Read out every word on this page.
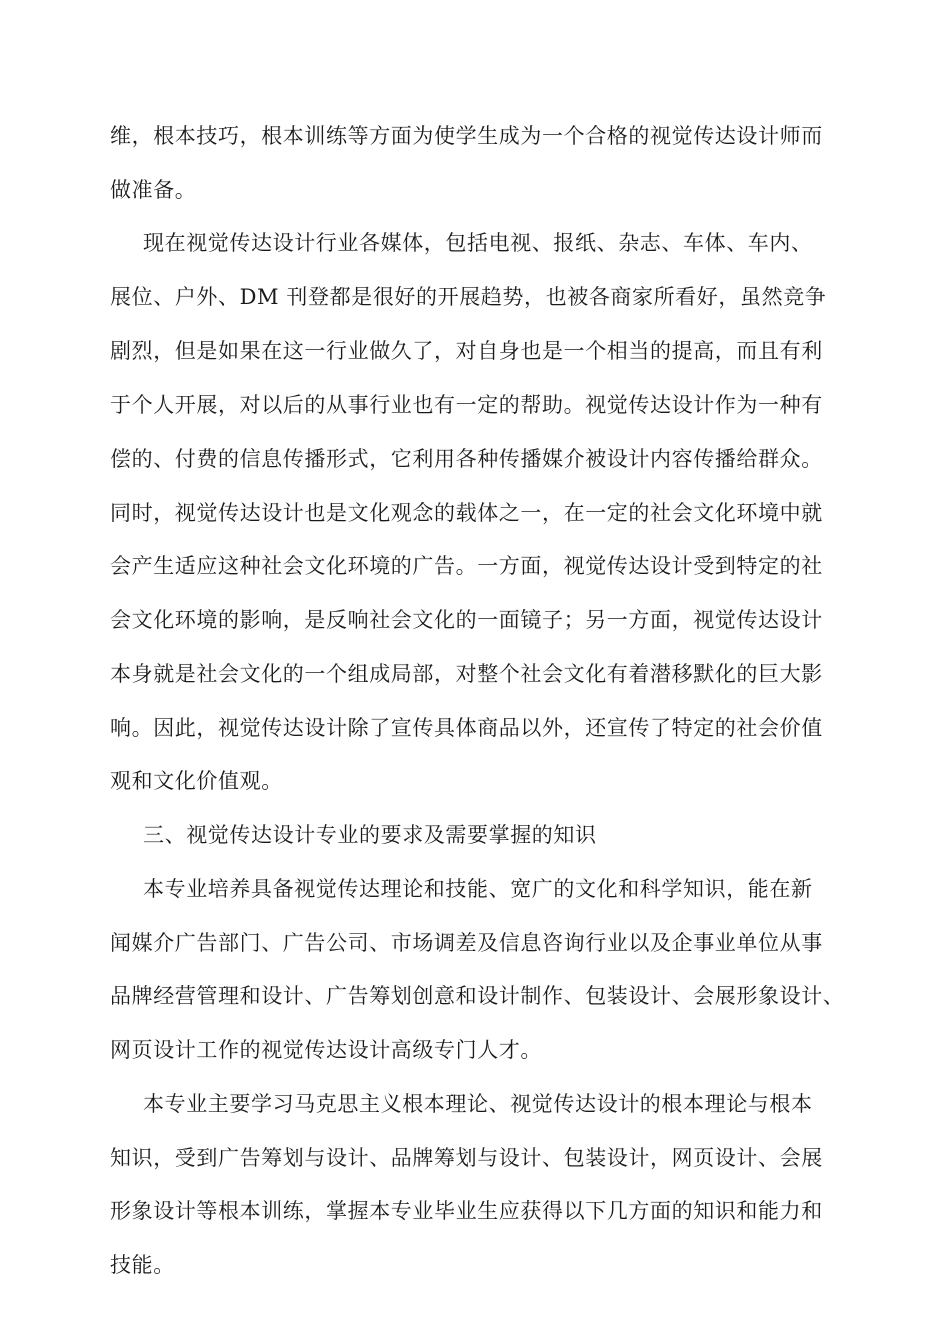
维，根本技巧，根本训练等方面为使学生成为一个合格的视觉传达设计师而
做准备。
现在视觉传达设计行业各媒体，包括电视、报纸、杂志、车体、车内、
展位、户外、DM 刊登都是很好的开展趋势，也被各商家所看好，虽然竞争
剧烈，但是如果在这一行业做久了，对自身也是一个相当的提高，而且有利
于个人开展，对以后的从事行业也有一定的帮助。视觉传达设计作为一种有
偿的、付费的信息传播形式，它利用各种传播媒介被设计内容传播给群众。
同时，视觉传达设计也是文化观念的载体之一，在一定的社会文化环境中就
会产生适应这种社会文化环境的广告。一方面，视觉传达设计受到特定的社
会文化环境的影响，是反响社会文化的一面镜子；另一方面，视觉传达设计
本身就是社会文化的一个组成局部，对整个社会文化有着潜移默化的巨大影
响。因此，视觉传达设计除了宣传具体商品以外，还宣传了特定的社会价值
观和文化价值观。
三、视觉传达设计专业的要求及需要掌握的知识
本专业培养具备视觉传达理论和技能、宽广的文化和科学知识，能在新
闻媒介广告部门、广告公司、市场调差及信息咨询行业以及企事业单位从事
品牌经营管理和设计、广告筹划创意和设计制作、包装设计、会展形象设计、
网页设计工作的视觉传达设计高级专门人才。
本专业主要学习马克思主义根本理论、视觉传达设计的根本理论与根本
知识，受到广告筹划与设计、品牌筹划与设计、包装设计，网页设计、会展
形象设计等根本训练，掌握本专业毕业生应获得以下几方面的知识和能力和
技能。
